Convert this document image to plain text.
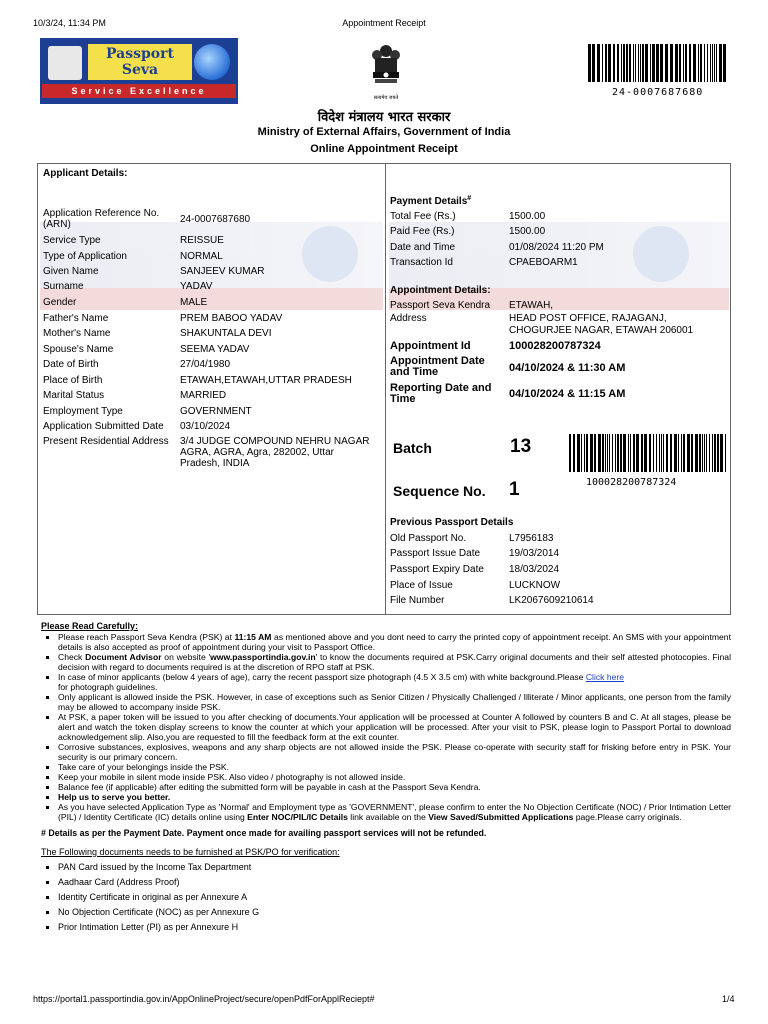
10/3/24, 11:34 PM	Appointment Receipt
https://portal1.passportindia.gov.in/AppOnlineProject/secure/openPdfForApplReciept#	1/4
Passport
Seva
Service Excellence
सत्यमेव जयते	24-0007687680
विदेश मंत्रालय भारत सरकार
Ministry of External Affairs, Government of India
Online Appointment Receipt
Applicant Details:
Application Reference No. (ARN)	24-0007687680
Service Type	REISSUE
Type of Application	NORMAL
Given Name	SANJEEV KUMAR
Surname	YADAV
Gender	MALE
Father's Name	PREM BABOO YADAV
Mother's Name	SHAKUNTALA DEVI
Spouse's Name	SEEMA YADAV
Date of Birth	27/04/1980
Place of Birth	ETAWAH,ETAWAH,UTTAR PRADESH
Marital Status	MARRIED
Employment Type	GOVERNMENT
Application Submitted Date 03/10/2024
Present Residential Address 3/4 JUDGE COMPOUND NEHRU NAGAR AGRA, AGRA, Agra, 282002, Uttar Pradesh, INDIA
Payment Details#
Total Fee (Rs.)	1500.00
Paid Fee (Rs.)	1500.00
Date and Time	01/08/2024 11:20 PM
Transaction Id	CPAEBOARM1
Appointment Details:
Passport Seva Kendra ETAWAH,
Address	HEAD POST OFFICE, RAJAGANJ, CHOGURJEE NAGAR, ETAWAH 206001
Appointment Id	100028200787324
Appointment Date and Time	04/10/2024 & 11:30 AM
Reporting Date and Time	04/10/2024 & 11:15 AM
Batch	13
100028200787324
Sequence No. 1
Previous Passport Details
Old Passport No.	L7956183
Passport Issue Date	19/03/2014
Passport Expiry Date	18/03/2024
Place of Issue	LUCKNOW
File Number	LK2067609210614
Please Read Carefully:
Please reach Passport Seva Kendra (PSK) at 11:15 AM as mentioned above and you dont need to carry the printed copy of appointment receipt. An SMS with your appointment details is also accepted as proof of appointment during your visit to Passport Office.
Check Document Advisor on website 'www.passportindia.gov.in' to know the documents required at PSK.Carry original documents and their self attested photocopies. Final decision with regard to documents required is at the discretion of RPO staff at PSK.
In case of minor applicants (below 4 years of age), carry the recent passport size photograph (4.5 X 3.5 cm) with white background.Please Click here
for photograph guidelines.
Only applicant is allowed inside the PSK. However, in case of exceptions such as Senior Citizen / Physically Challenged / Illiterate / Minor applicants, one person from the family may be allowed to accompany inside PSK.
At PSK, a paper token will be issued to you after checking of documents.Your application will be processed at Counter A followed by counters B and C. At all stages, please be alert and watch the token display screens to know the counter at which your application will be processed. After your visit to PSK, please login to Passport Portal to download acknowledgement slip. Also,you are requested to fill the feedback form at the exit counter.
Corrosive substances, explosives, weapons and any sharp objects are not allowed inside the PSK. Please co-operate with security staff for frisking before entry in PSK. Your security is our primary concern.
Take care of your belongings inside the PSK.
Keep your mobile in silent mode inside PSK. Also video / photography is not allowed inside.
Balance fee (if applicable) after editing the submitted form will be payable in cash at the Passport Seva Kendra.
Help us to serve you better.
As you have selected Application Type as 'Normal' and Employment type as 'GOVERNMENT', please confirm to enter the No Objection Certificate (NOC) / Prior Intimation Letter (PIL) / Identity Certificate (IC) details online using Enter NOC/PIL/IC Details link available on the View Saved/Submitted Applications page.Please carry originals.
# Details as per the Payment Date. Payment once made for availing passport services will not be refunded.
The Following documents needs to be furnished at PSK/PO for verification:
PAN Card issued by the Income Tax Department
Aadhaar Card (Address Proof)
Identity Certificate in original as per Annexure A
No Objection Certificate (NOC) as per Annexure G
Prior Intimation Letter (PI) as per Annexure H
